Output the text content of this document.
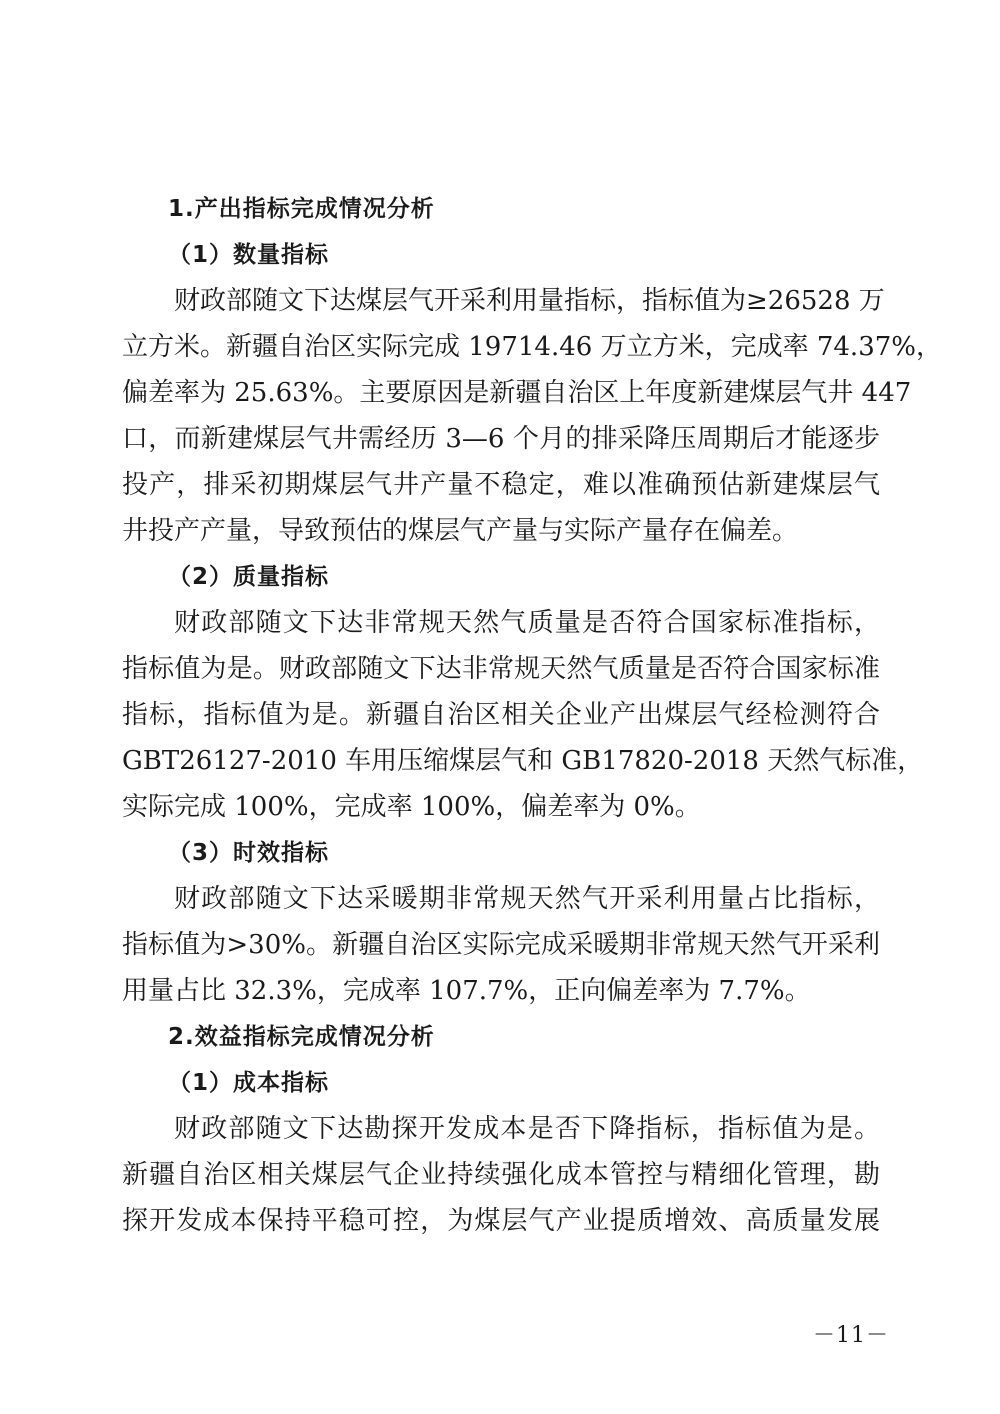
1.产出指标完成情况分析

（1）数量指标

财政部随文下达煤层气开采利用量指标，指标值为≥26528 万

立方米。新疆自治区实际完成 19714.46 万立方米，完成率 74.37%，

偏差率为 25.63%。主要原因是新疆自治区上年度新建煤层气井 447

口，而新建煤层气井需经历 3—6 个月的排采降压周期后才能逐步

投产，排采初期煤层气井产量不稳定，难以准确预估新建煤层气

井投产产量，导致预估的煤层气产量与实际产量存在偏差。

（2）质量指标

财政部随文下达非常规天然气质量是否符合国家标准指标，

指标值为是。财政部随文下达非常规天然气质量是否符合国家标准

指标，指标值为是。新疆自治区相关企业产出煤层气经检测符合

GBT26127-2010 车用压缩煤层气和 GB17820-2018 天然气标准，

实际完成 100%，完成率 100%，偏差率为 0%。

（3）时效指标

财政部随文下达采暖期非常规天然气开采利用量占比指标，

指标值为>30%。新疆自治区实际完成采暖期非常规天然气开采利

用量占比 32.3%，完成率 107.7%，正向偏差率为 7.7%。

2.效益指标完成情况分析

（1）成本指标

财政部随文下达勘探开发成本是否下降指标，指标值为是。

新疆自治区相关煤层气企业持续强化成本管控与精细化管理，勘

探开发成本保持平稳可控，为煤层气产业提质增效、高质量发展

－11－
